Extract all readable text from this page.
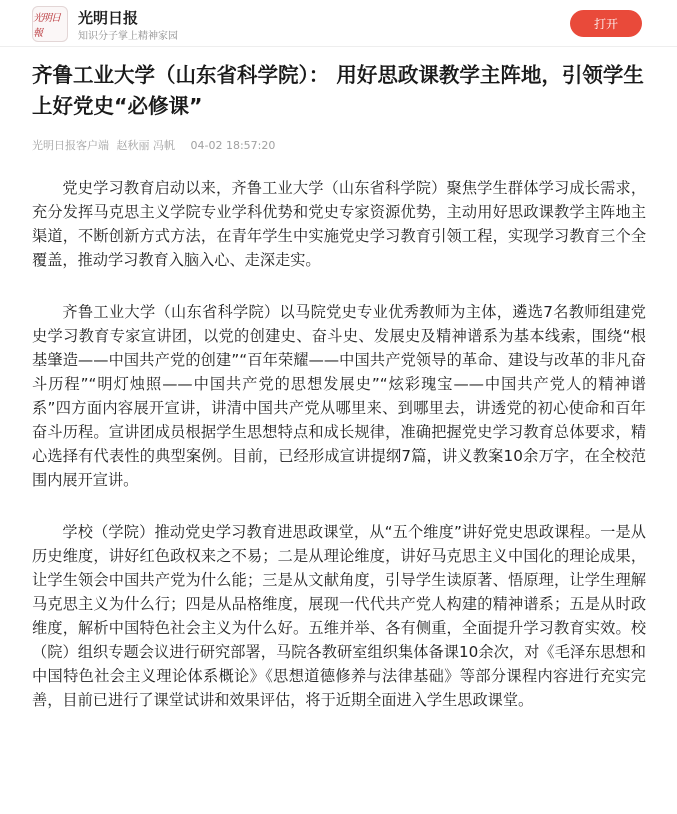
光明日報
光明日报
知识分子掌上精神家园
打开
齐鲁工业大学（山东省科学院）： 用好思政课教学主阵地，引领学生上好党史“必修课”
光明日报客户端 赵秋丽 冯帆 04-02 18:57:20

党史学习教育启动以来，齐鲁工业大学（山东省科学院）聚焦学生群体学习成长需求，充分发挥马克思主义学院专业学科优势和党史专家资源优势，主动用好思政课教学主阵地主渠道，不断创新方式方法，在青年学生中实施党史学习教育引领工程，实现学习教育三个全覆盖，推动学习教育入脑入心、走深走实。

齐鲁工业大学（山东省科学院）以马院党史专业优秀教师为主体，遴选7名教师组建党史学习教育专家宣讲团，以党的创建史、奋斗史、发展史及精神谱系为基本线索，围绕“根基肇造——中国共产党的创建”“百年荣耀——中国共产党领导的革命、建设与改革的非凡奋斗历程”“明灯烛照——中国共产党的思想发展史”“炫彩瑰宝——中国共产党人的精神谱系”四方面内容展开宣讲，讲清中国共产党从哪里来、到哪里去，讲透党的初心使命和百年奋斗历程。宣讲团成员根据学生思想特点和成长规律，准确把握党史学习教育总体要求，精心选择有代表性的典型案例。目前，已经形成宣讲提纲7篇，讲义教案10余万字，在全校范围内展开宣讲。

学校（学院）推动党史学习教育进思政课堂，从“五个维度”讲好党史思政课程。一是从历史维度，讲好红色政权来之不易；二是从理论维度，讲好马克思主义中国化的理论成果，让学生领会中国共产党为什么能；三是从文献角度，引导学生读原著、悟原理，让学生理解马克思主义为什么行；四是从品格维度，展现一代代共产党人构建的精神谱系；五是从时政维度，解析中国特色社会主义为什么好。五维并举、各有侧重，全面提升学习教育实效。校（院）组织专题会议进行研究部署，马院各教研室组织集体备课10余次，对《毛泽东思想和中国特色社会主义理论体系概论》《思想道德修养与法律基础》等部分课程内容进行充实完善，目前已进行了课堂试讲和效果评估，将于近期全面进入学生思政课堂。
